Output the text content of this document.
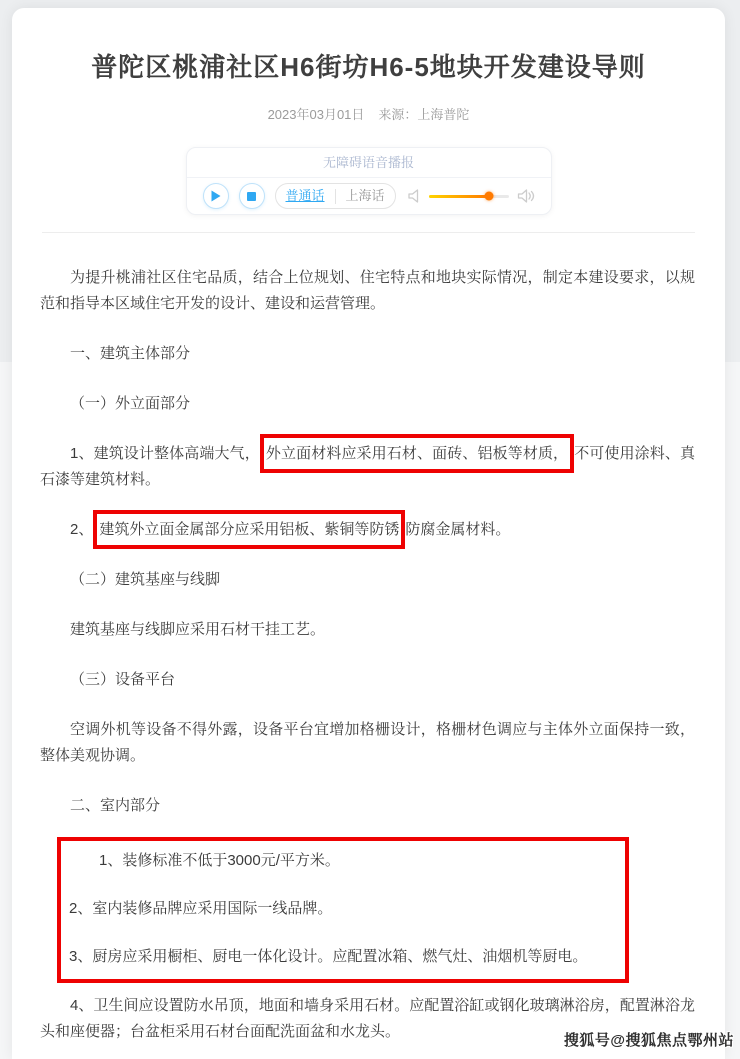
普陀区桃浦社区H6街坊H6-5地块开发建设导则
2023年03月01日 来源：上海普陀
无障碍语音播报
普通话	上海话

为提升桃浦社区住宅品质，结合上位规划、住宅特点和地块实际情况，制定本建设要求，以规范和指导本区域住宅开发的设计、建设和运营管理。

一、建筑主体部分

（一）外立面部分

1、建筑设计整体高端大气， 外立面材料应采用石材、面砖、铝板等材质， 不可使用涂料、真石漆等建筑材料。

2、 建筑外立面金属部分应采用铝板、紫铜等防锈 防腐金属材料。

（二）建筑基座与线脚

建筑基座与线脚应采用石材干挂工艺。

（三）设备平台

空调外机等设备不得外露，设备平台宜增加格栅设计，格栅材色调应与主体外立面保持一致，整体美观协调。

二、室内部分

1、装修标准不低于3000元/平方米。

2、室内装修品牌应采用国际一线品牌。

3、厨房应采用橱柜、厨电一体化设计。应配置冰箱、燃气灶、油烟机等厨电。

4、卫生间应设置防水吊顶，地面和墙身采用石材。应配置浴缸或钢化玻璃淋浴房，配置淋浴龙头和座便器；台盆柜采用石材台面配洗面盆和水龙头。

搜狐号@搜狐焦点鄂州站
